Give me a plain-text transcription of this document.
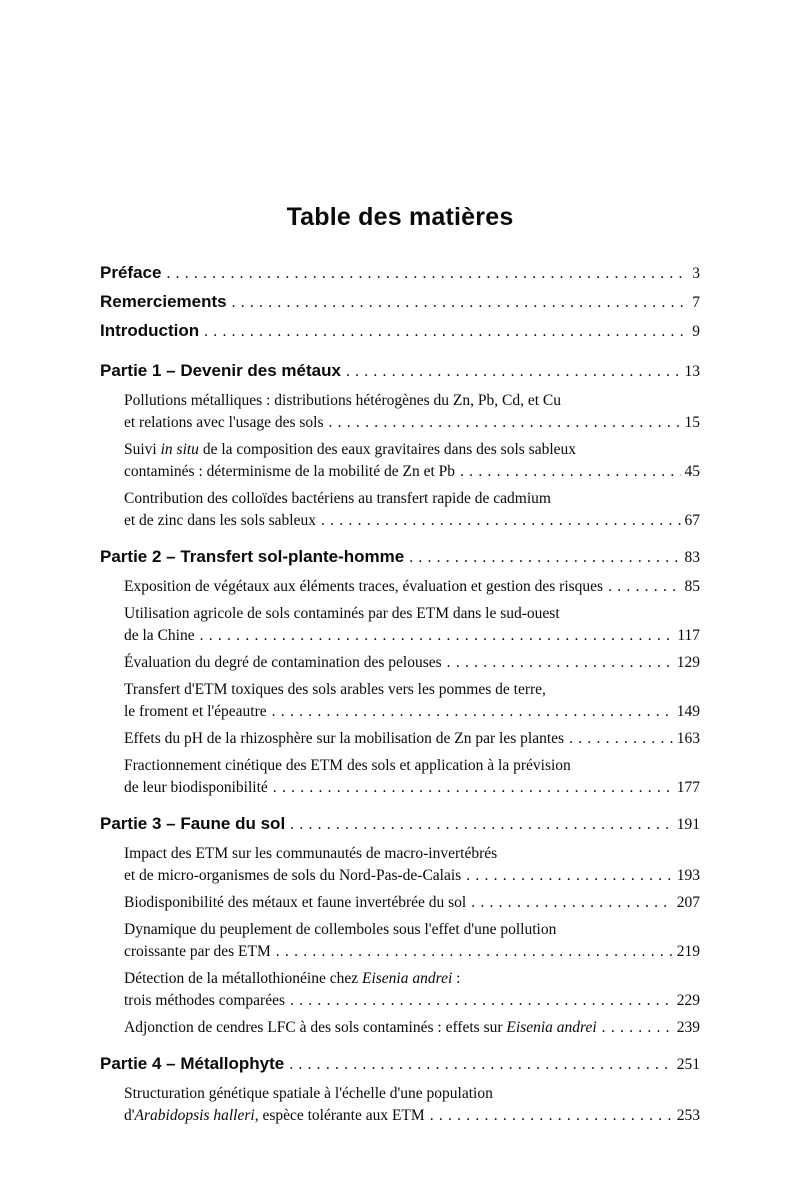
Table des matières
Préface .....	3
Remerciements .....	7
Introduction .....	9
Partie 1 – Devenir des métaux .....	13
Pollutions métalliques : distributions hétérogènes du Zn, Pb, Cd, et Cu
et relations avec l'usage des sols .....	15
Suivi in situ de la composition des eaux gravitaires dans des sols sableux
contaminés : déterminisme de la mobilité de Zn et Pb .....	45
Contribution des colloïdes bactériens au transfert rapide de cadmium
et de zinc dans les sols sableux .....	67
Partie 2 – Transfert sol-plante-homme .....	83
Exposition de végétaux aux éléments traces, évaluation et gestion des risques .....	85
Utilisation agricole de sols contaminés par des ETM dans le sud-ouest
de la Chine .....	117
Évaluation du degré de contamination des pelouses .....	129
Transfert d'ETM toxiques des sols arables vers les pommes de terre,
le froment et l'épeautre .....	149
Effets du pH de la rhizosphère sur la mobilisation de Zn par les plantes .....	163
Fractionnement cinétique des ETM des sols et application à la prévision
de leur biodisponibilité .....	177
Partie 3 – Faune du sol .....	191
Impact des ETM sur les communautés de macro-invertébrés
et de micro-organismes de sols du Nord-Pas-de-Calais .....	193
Biodisponibilité des métaux et faune invertébrée du sol .....	207
Dynamique du peuplement de collemboles sous l'effet d'une pollution
croissante par des ETM .....	219
Détection de la métallothionéine chez Eisenia andrei :
trois méthodes comparées .....	229
Adjonction de cendres LFC à des sols contaminés : effets sur Eisenia andrei .....	239
Partie 4 – Métallophyte .....	251
Structuration génétique spatiale à l'échelle d'une population
d'Arabidopsis halleri, espèce tolérante aux ETM .....	253
